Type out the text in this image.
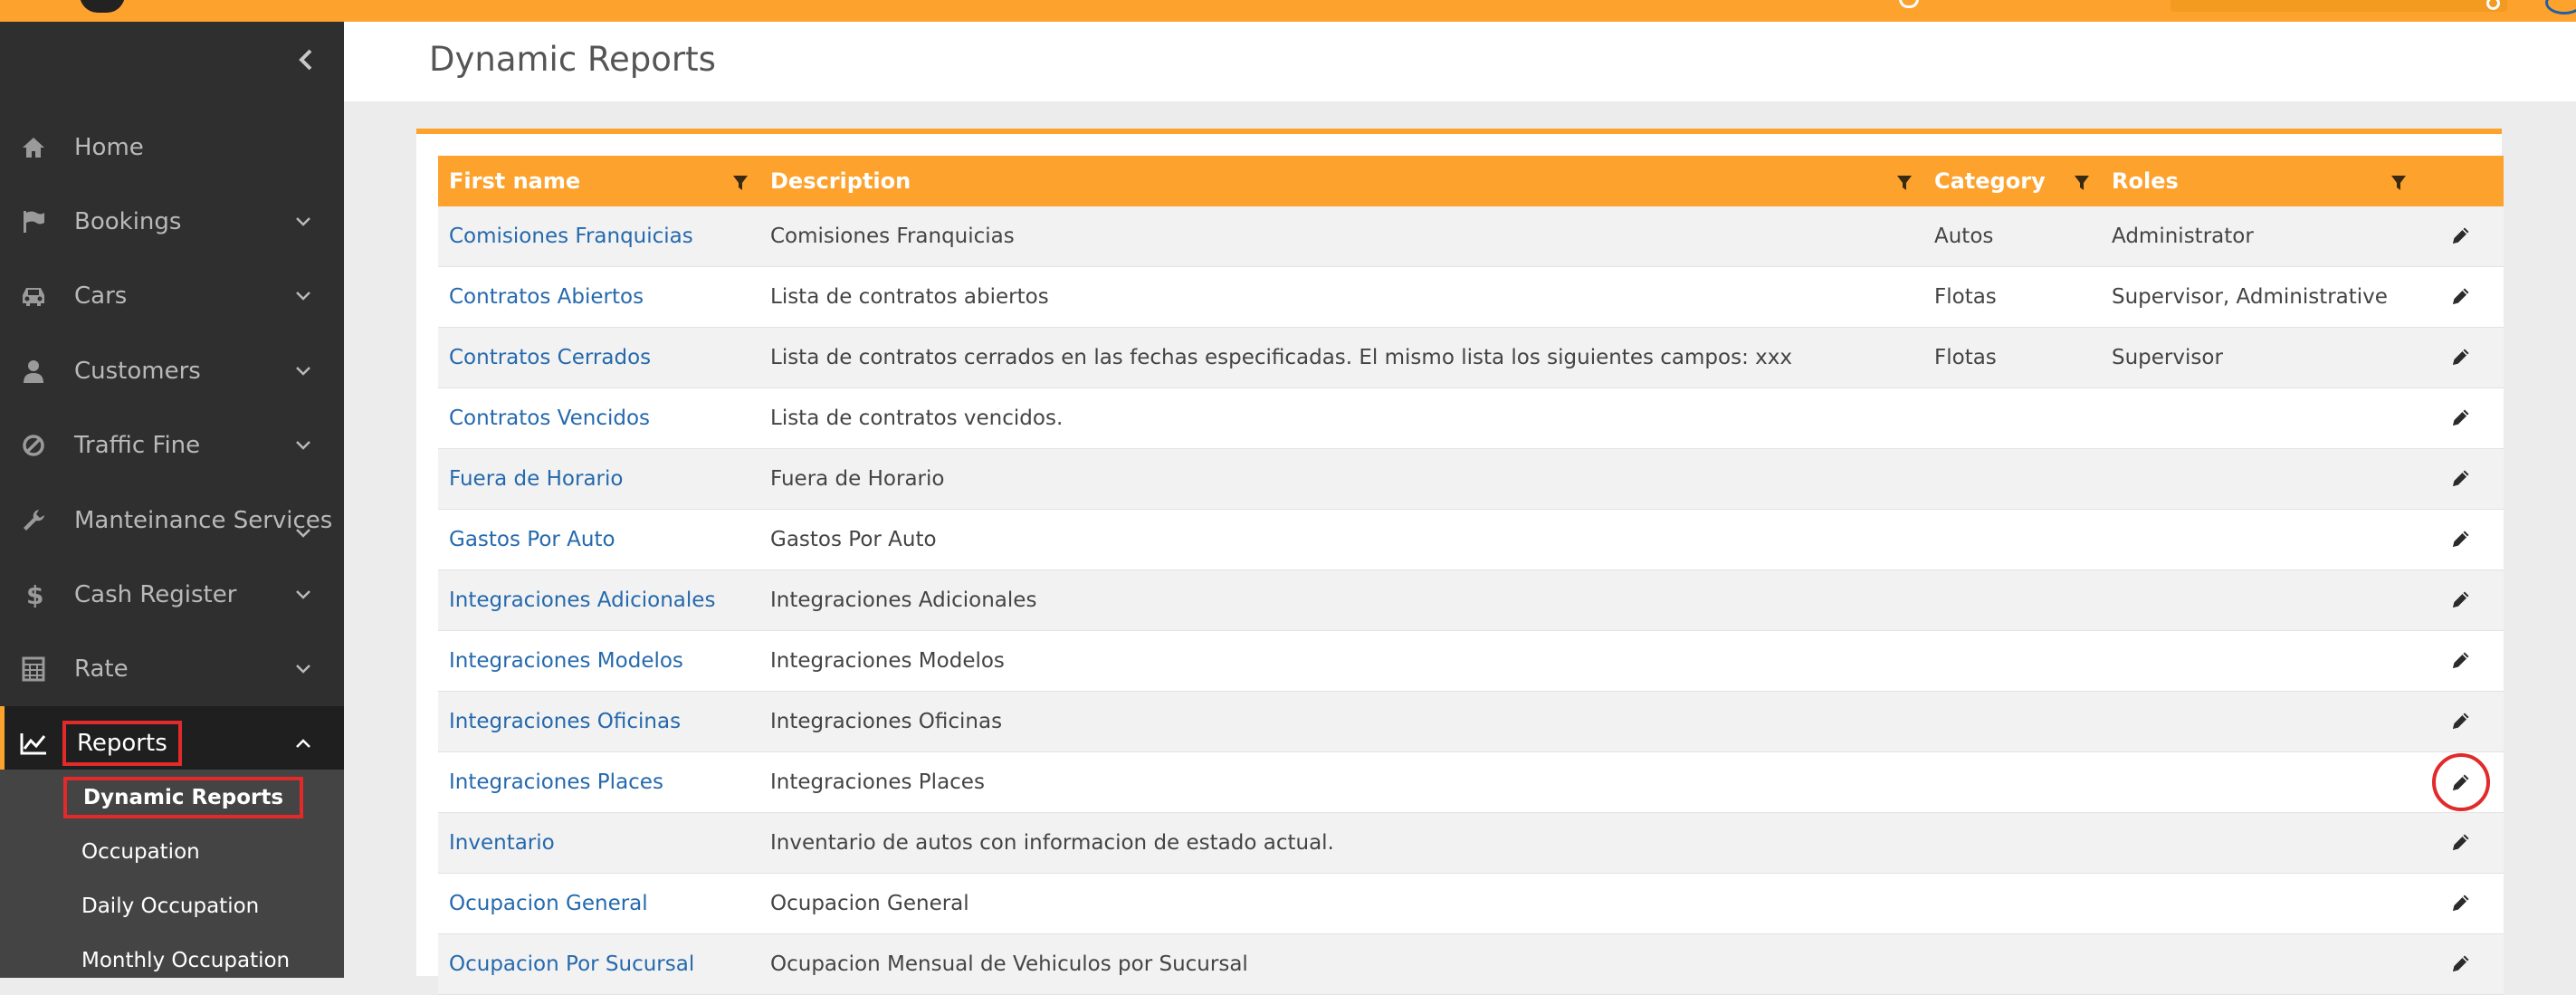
Home
Bookings
Cars
Customers
Traffic Fine
Manteinance Services
$ Cash Register
Rate
Reports
Dynamic Reports
Occupation
Daily Occupation
Monthly Occupation
Dynamic Reports
First name	Description	Category	Roles

Comisiones Franquicias	Comisiones Franquicias	Autos	Administrator	

Contratos Abiertos	Lista de contratos abiertos	Flotas	Supervisor, Administrative	

Contratos Cerrados	Lista de contratos cerrados en las fechas especificadas. El mismo lista los siguientes campos: xxx	Flotas	Supervisor	

Contratos Vencidos	Lista de contratos vencidos.			

Fuera de Horario	Fuera de Horario			

Gastos Por Auto	Gastos Por Auto			

Integraciones Adicionales	Integraciones Adicionales			

Integraciones Modelos	Integraciones Modelos			

Integraciones Oficinas	Integraciones Oficinas			

Integraciones Places	Integraciones Places			

Inventario	Inventario de autos con informacion de estado actual.			

Ocupacion General	Ocupacion General			

Ocupacion Por Sucursal	Ocupacion Mensual de Vehiculos por Sucursal			
